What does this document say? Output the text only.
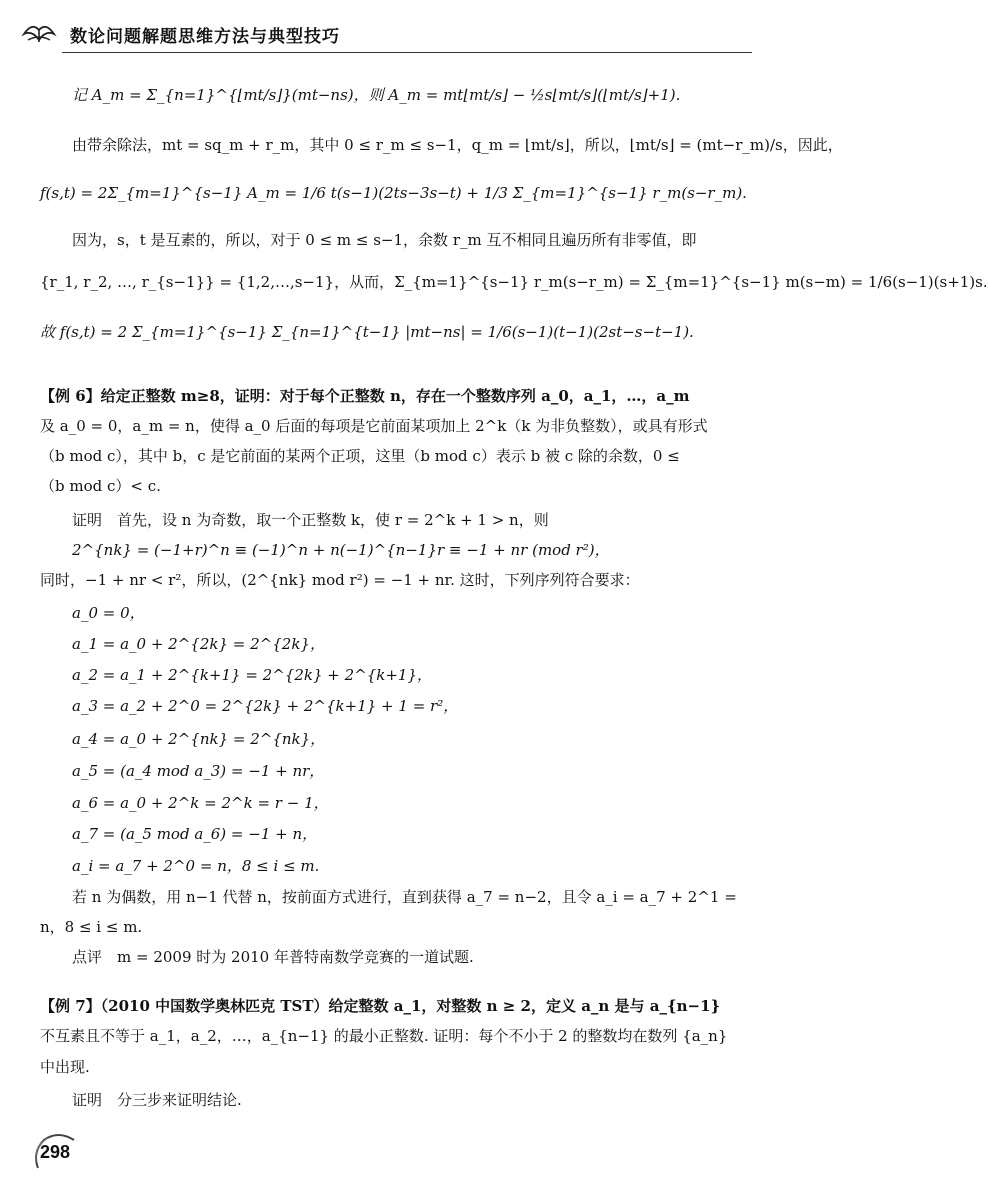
数论问题解题思维方法与典型技巧
记 A_m = Σ_{n=1}^{⌊mt/s⌋}(mt−ns)，则 A_m = mt⌊mt/s⌋ − ½s⌊mt/s⌋(⌊mt/s⌋+1).
由带余除法，mt = sq_m + r_m，其中 0 ≤ r_m ≤ s−1，q_m = ⌊mt/s⌋，所以，⌊mt/s⌋ = (mt−r_m)/s，因此，
f(s,t) = 2Σ_{m=1}^{s−1} A_m = 1/6 t(s−1)(2ts−3s−t) + 1/3 Σ_{m=1}^{s−1} r_m(s−r_m).
因为，s，t 是互素的，所以，对于 0 ≤ m ≤ s−1，余数 r_m 互不相同且遍历所有非零值，即
{r_1, r_2, …, r_{s−1}} = {1,2,…,s−1}，从而，Σ_{m=1}^{s−1} r_m(s−r_m) = Σ_{m=1}^{s−1} m(s−m) = 1/6(s−1)(s+1)s.
故 f(s,t) = 2 Σ_{m=1}^{s−1} Σ_{n=1}^{t−1} |mt−ns| = 1/6(s−1)(t−1)(2st−s−t−1).
【例 6】给定正整数 m≥8，证明：对于每个正整数 n，存在一个整数序列 a_0，a_1，…，a_m
及 a_0 = 0，a_m = n，使得 a_0 后面的每项是它前面某项加上 2^k（k 为非负整数），或具有形式
（b mod c），其中 b，c 是它前面的某两个正项，这里（b mod c）表示 b 被 c 除的余数，0 ≤
（b mod c）< c.
证明　首先，设 n 为奇数，取一个正整数 k，使 r = 2^k + 1 > n，则
2^{nk} = (−1+r)^n ≡ (−1)^n + n(−1)^{n−1}r ≡ −1 + nr (mod r²)，
同时，−1 + nr < r²，所以，(2^{nk} mod r²) = −1 + nr. 这时，下列序列符合要求：
a_0 = 0，
a_1 = a_0 + 2^{2k} = 2^{2k}，
a_2 = a_1 + 2^{k+1} = 2^{2k} + 2^{k+1}，
a_3 = a_2 + 2^0 = 2^{2k} + 2^{k+1} + 1 = r²，
a_4 = a_0 + 2^{nk} = 2^{nk}，
a_5 = (a_4 mod a_3) = −1 + nr，
a_6 = a_0 + 2^k = 2^k = r − 1，
a_7 = (a_5 mod a_6) = −1 + n，
a_i = a_7 + 2^0 = n，8 ≤ i ≤ m.
若 n 为偶数，用 n−1 代替 n，按前面方式进行，直到获得 a_7 = n−2，且令 a_i = a_7 + 2^1 =
n，8 ≤ i ≤ m.
点评　m = 2009 时为 2010 年普特南数学竞赛的一道试题.
【例 7】（2010 中国数学奥林匹克 TST）给定整数 a_1，对整数 n ≥ 2，定义 a_n 是与 a_{n−1}
不互素且不等于 a_1，a_2，…，a_{n−1} 的最小正整数. 证明：每个不小于 2 的整数均在数列 {a_n}
中出现.
证明　分三步来证明结论.
298
